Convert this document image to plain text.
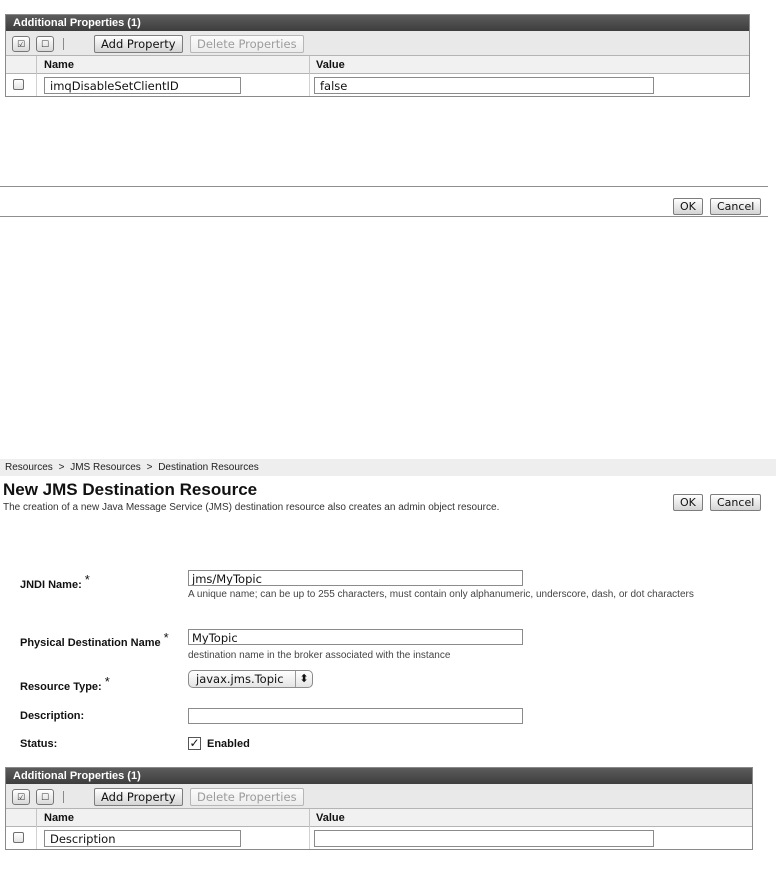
Additional Properties (1)
☑	☐	Add Property	Delete Properties
Name	Value
imqDisableSetClientID	false
OK	Cancel
Resources > JMS Resources > Destination Resources
New JMS Destination Resource
The creation of a new Java Message Service (JMS) destination resource also creates an admin object resource.	OK	Cancel
JNDI Name: *	jms/MyTopic
A unique name; can be up to 255 characters, must contain only alphanumeric, underscore, dash, or dot characters
Physical Destination Name *	MyTopic
destination name in the broker associated with the instance
Resource Type: *	javax.jms.Topic	⬍
Description:
Status:	✓ Enabled
Additional Properties (1)
☑	☐	Add Property	Delete Properties
Name	Value
Description
